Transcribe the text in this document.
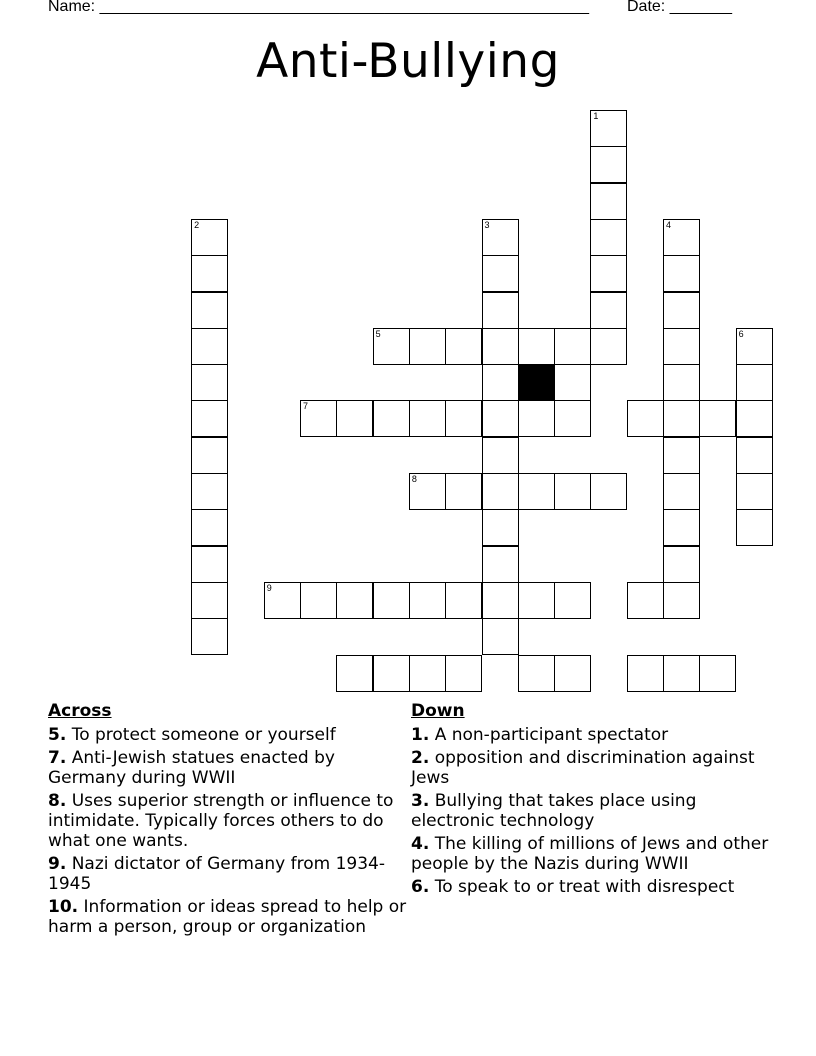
Name: _______________________________________________________ Date: _______
Anti-Bullying
1
2	3	4
5	6
7
8
9
Across
5. To protect someone or yourself
7. Anti-Jewish statues enacted by Germany during WWII
8. Uses superior strength or influence to intimidate. Typically forces others to do what one wants.
9. Nazi dictator of Germany from 1934-1945
10. Information or ideas spread to help or harm a person, group or organization
Down
1. A non-participant spectator
2. opposition and discrimination against Jews
3. Bullying that takes place using electronic technology
4. The killing of millions of Jews and other people by the Nazis during WWII
6. To speak to or treat with disrespect
